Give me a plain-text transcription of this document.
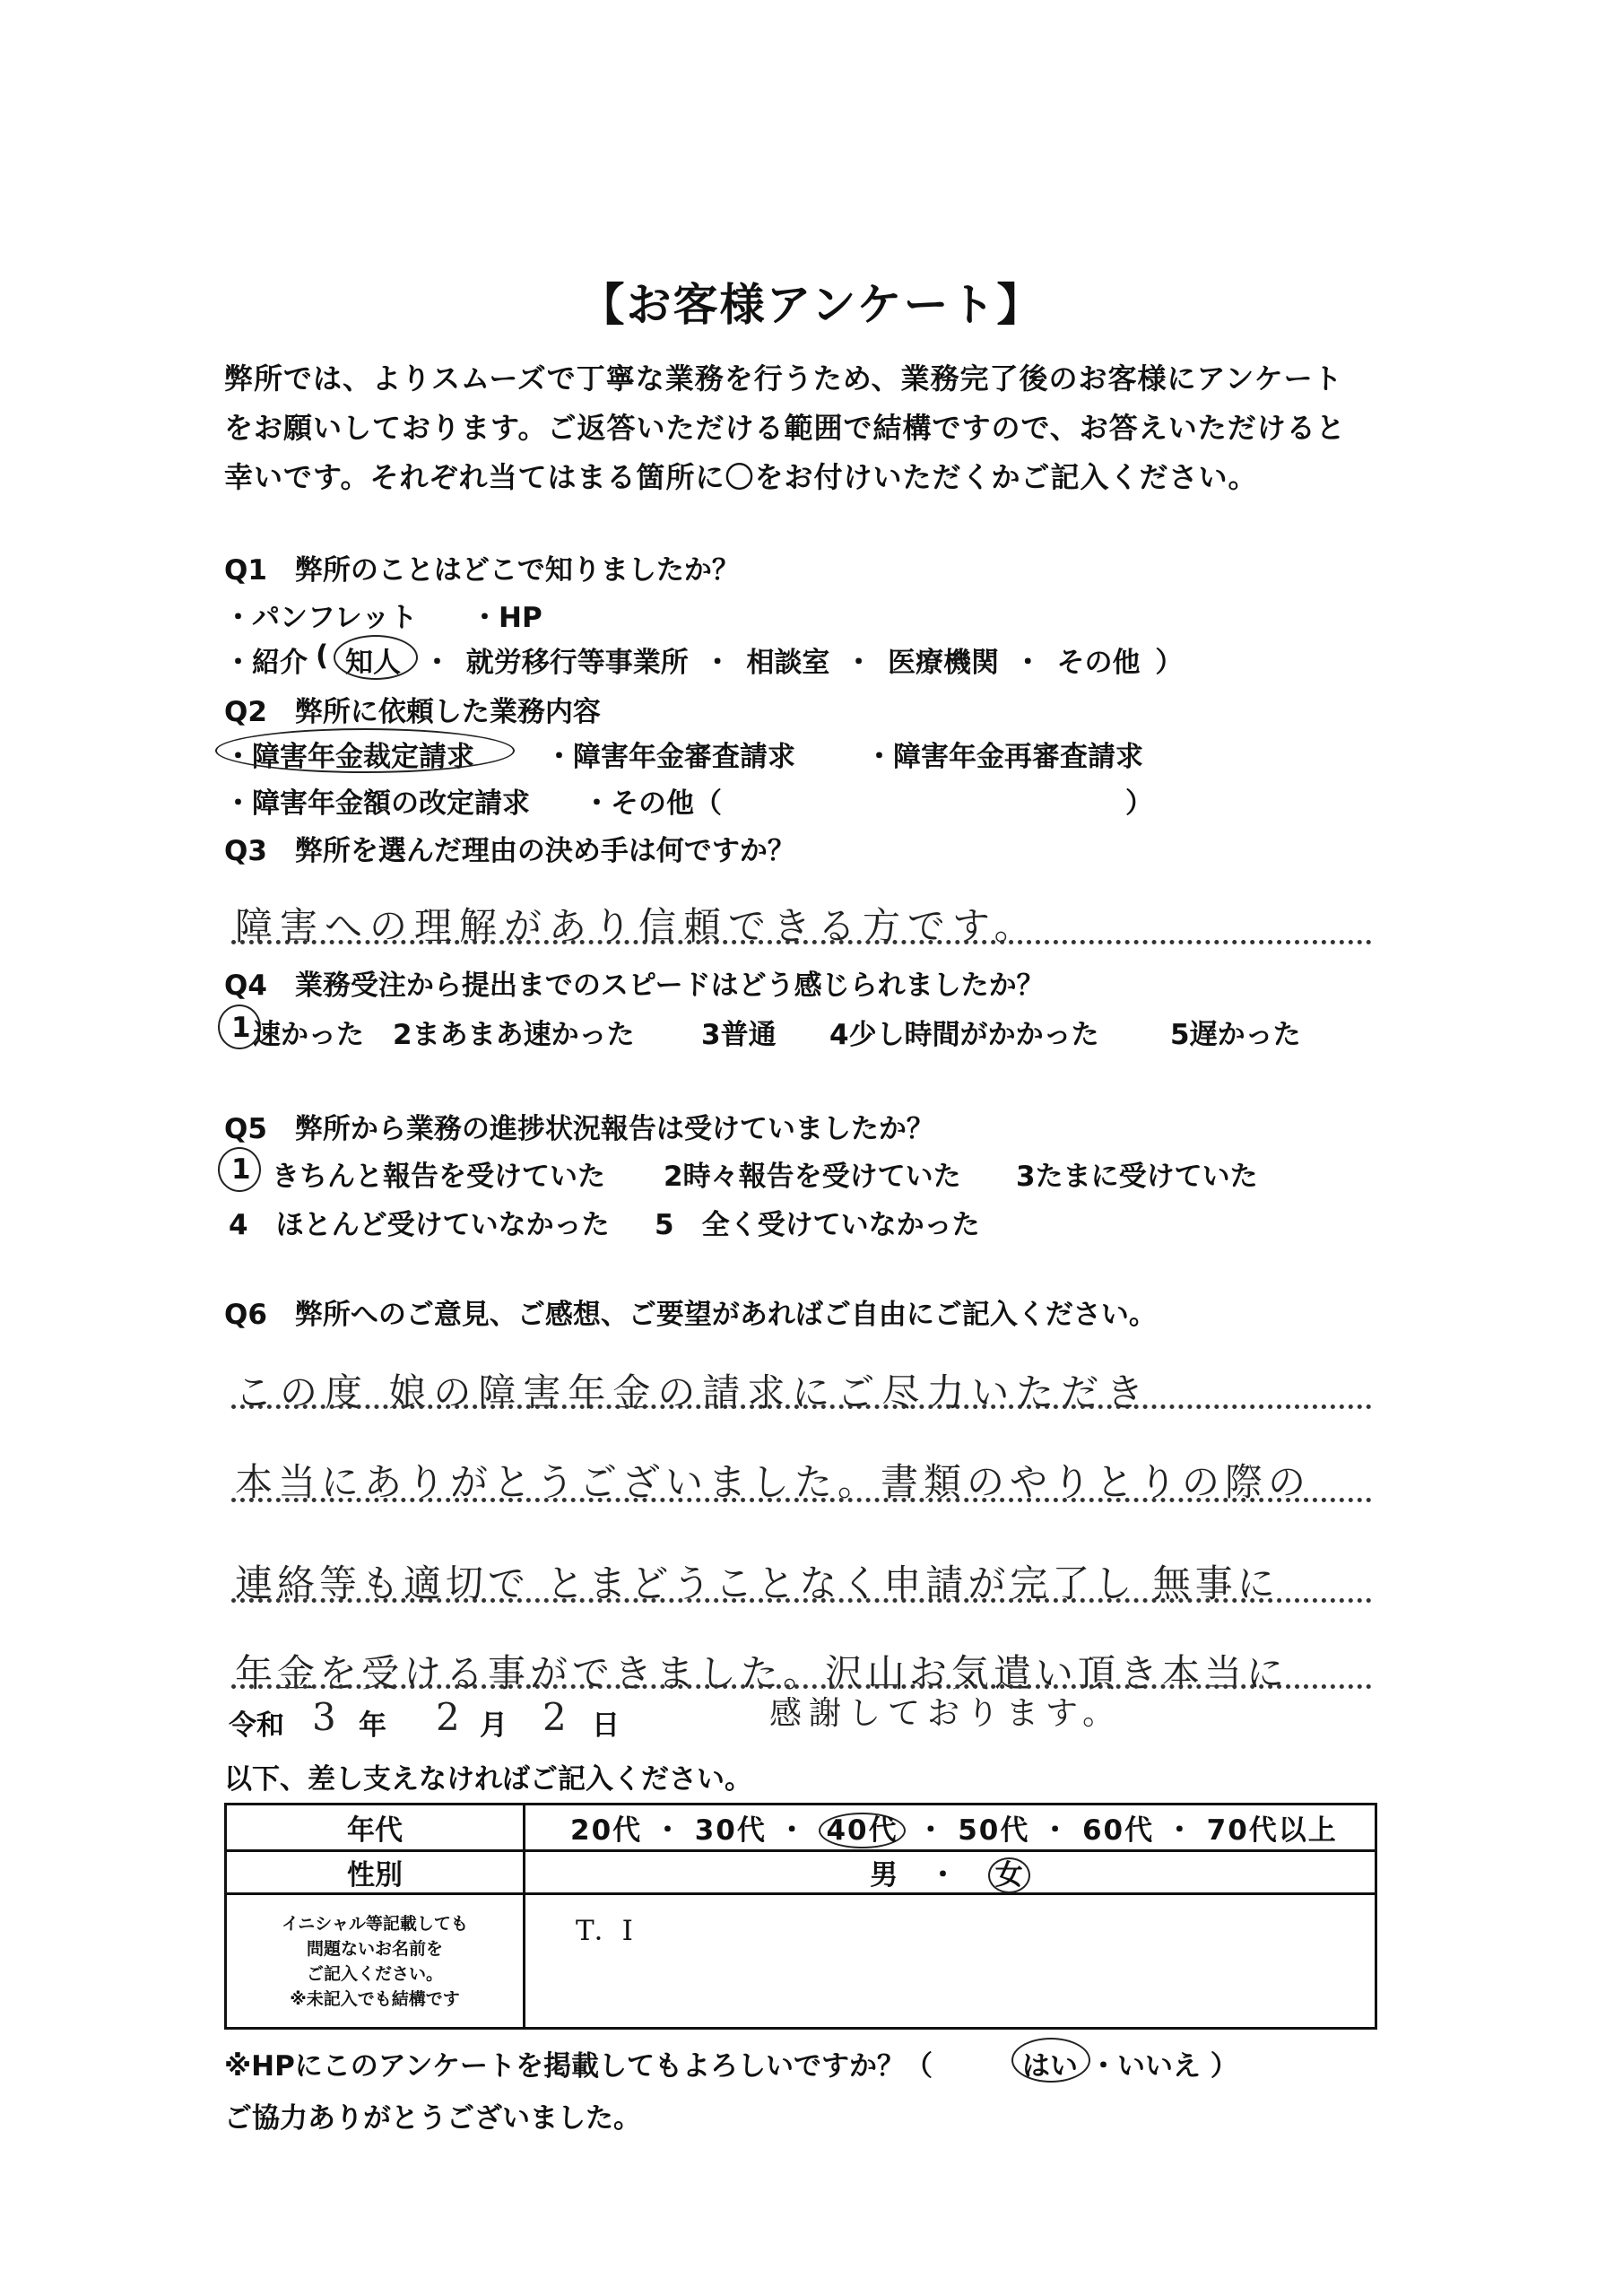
【お客様アンケート】
弊所では、よりスムーズで丁寧な業務を行うため、業務完了後のお客様にアンケート
をお願いしております。ご返答いただける範囲で結構ですので、お答えいただけると
幸いです。それぞれ当てはまる箇所に〇をお付けいただくかご記入ください。
Q1　弊所のことはどこで知りましたか？
・パンフレット ・HP
・紹介 ( 知人 ・ 就労移行等事業所 ・ 相談室 ・ 医療機関 ・ その他 ）
Q2　弊所に依頼した業務内容
・障害年金裁定請求	・障害年金審査請求	・障害年金再審査請求
・障害年金額の改定請求 ・その他（	）
Q3　弊所を選んだ理由の決め手は何ですか？
障害への理解があり信頼できる方です。
Q4　業務受注から提出までのスピードはどう感じられましたか？
1 速かった 2まあまあ速かった 3普通 4少し時間がかかった	5遅かった
Q5　弊所から業務の進捗状況報告は受けていましたか？
1 きちんと報告を受けていた 2時々報告を受けていた 3たまに受けていた
4　ほとんど受けていなかった 5　全く受けていなかった
Q6　弊所へのご意見、ご感想、ご要望があればご自由にご記入ください。
この度 娘の障害年金の請求にご尽力いただき
本当にありがとうございました。書類のやりとりの際の
連絡等も適切で とまどうことなく申請が完了し 無事に
年金を受ける事ができました。沢山お気遣い頂き本当に
感謝しております。
令和 3 年 2 月 2 日
以下、差し支えなければご記入ください。
年代	20代 ・ 30代 ・ 40代 ・ 50代 ・ 60代 ・ 70代以上
性別	男 ・ 女

イニシャル等記載しても
問題ないお名前を
ご記入ください。
※未記入でも結構です	T．I
※HPにこのアンケートを掲載してもよろしいですか？（	はい ・いいえ ）
ご協力ありがとうございました。
